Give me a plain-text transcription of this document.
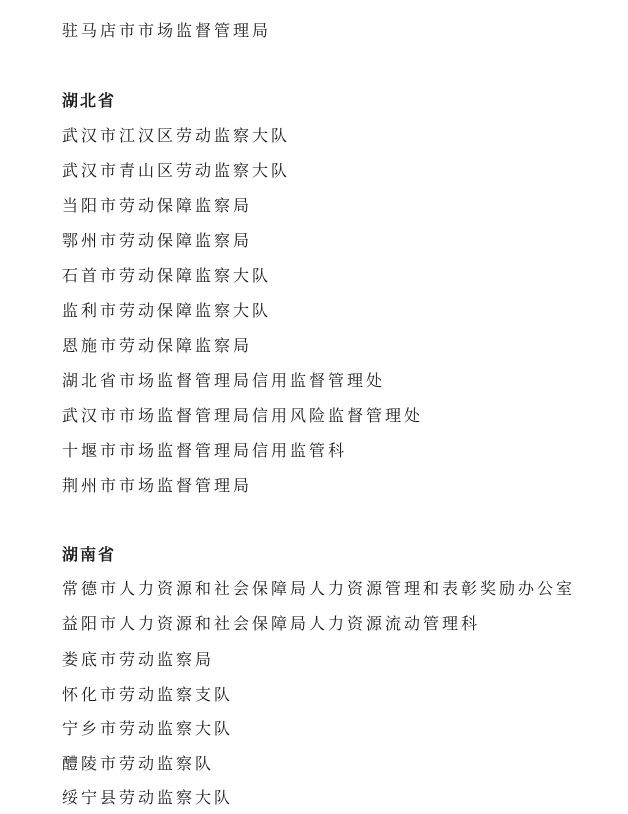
驻马店市市场监督管理局
湖北省
武汉市江汉区劳动监察大队
武汉市青山区劳动监察大队
当阳市劳动保障监察局
鄂州市劳动保障监察局
石首市劳动保障监察大队
监利市劳动保障监察大队
恩施市劳动保障监察局
湖北省市场监督管理局信用监督管理处
武汉市市场监督管理局信用风险监督管理处
十堰市市场监督管理局信用监管科
荆州市市场监督管理局
湖南省
常德市人力资源和社会保障局人力资源管理和表彰奖励办公室
益阳市人力资源和社会保障局人力资源流动管理科
娄底市劳动监察局
怀化市劳动监察支队
宁乡市劳动监察大队
醴陵市劳动监察队
绥宁县劳动监察大队
